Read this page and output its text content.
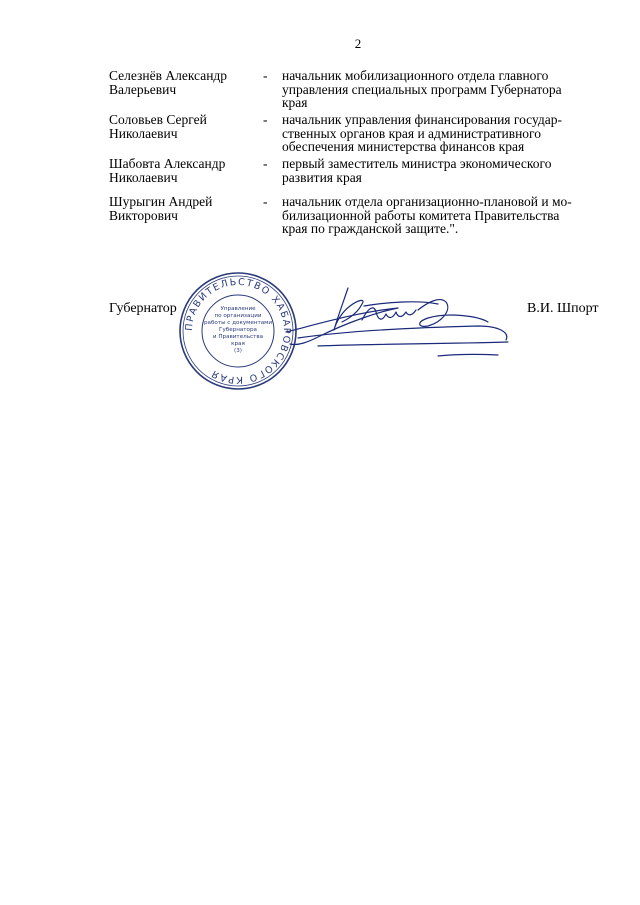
2
Селезнёв Александр
Валерьевич
-	начальник мобилизационного отдела главного
управления специальных программ Губернатора
края
Соловьев Сергей
Николаевич
-	начальник управления финансирования государ-
ственных органов края и административного
обеспечения министерства финансов края
Шабовта Александр
Николаевич
-	первый заместитель министра экономического
развития края
Шурыгин Андрей
Викторович
-	начальник отдела организационно-плановой и мо-
билизационной работы комитета Правительства
края по гражданской защите.".
ПРАВИТЕЛЬСТВО ХАБАРОВСКОГО КРАЯ
Управление
по организации
работы с документами
Губернатора
и Правительства
края
(3)
Губернатор	В.И. Шпорт
